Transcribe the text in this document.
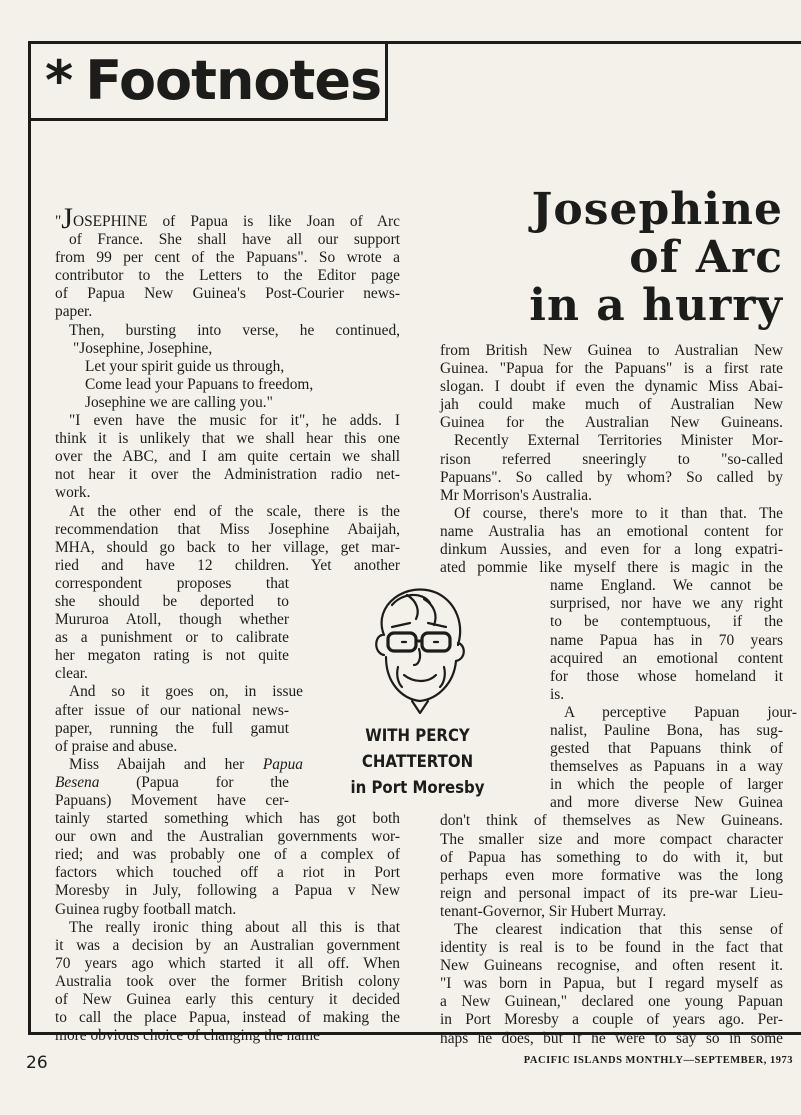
* Footnotes
Josephine
of Arc
in a hurry
"JOSEPHINE of Papua is like Joan of Arc
of France. She shall have all our support
from 99 per cent of the Papuans". So wrote a
contributor to the Letters to the Editor page
of Papua New Guinea's Post-Courier news-
paper.
Then, bursting into verse, he continued,
"Josephine, Josephine,
Let your spirit guide us through,
Come lead your Papuans to freedom,
Josephine we are calling you."
"I even have the music for it", he adds. I
think it is unlikely that we shall hear this one
over the ABC, and I am quite certain we shall
not hear it over the Administration radio net-
work.
At the other end of the scale, there is the
recommendation that Miss Josephine Abaijah,
MHA, should go back to her village, get mar-
ried and have 12 children. Yet another
correspondent proposes that
she should be deported to
Mururoa Atoll, though whether
as a punishment or to calibrate
her megaton rating is not quite
clear.
And so it goes on, in issue
after issue of our national news-
paper, running the full gamut
of praise and abuse.
Miss Abaijah and her Papua
Besena (Papua for the
Papuans) Movement have cer-
tainly started something which has got both
our own and the Australian governments wor-
ried; and was probably one of a complex of
factors which touched off a riot in Port
Moresby in July, following a Papua v New
Guinea rugby football match.
The really ironic thing about all this is that
it was a decision by an Australian government
70 years ago which started it all off. When
Australia took over the former British colony
of New Guinea early this century it decided
to call the place Papua, instead of making the
more obvious choice of changing the name
from British New Guinea to Australian New
Guinea. "Papua for the Papuans" is a first rate
slogan. I doubt if even the dynamic Miss Abai-
jah could make much of Australian New
Guinea for the Australian New Guineans.
Recently External Territories Minister Mor-
rison referred sneeringly to "so-called
Papuans". So called by whom? So called by
Mr Morrison's Australia.
Of course, there's more to it than that. The
name Australia has an emotional content for
dinkum Aussies, and even for a long expatri-
ated pommie like myself there is magic in the
name England. We cannot be
surprised, nor have we any right
to be contemptuous, if the
name Papua has in 70 years
acquired an emotional content
for those whose homeland it
is.
A perceptive Papuan jour-
nalist, Pauline Bona, has sug-
gested that Papuans think of
themselves as Papuans in a way
in which the people of larger
and more diverse New Guinea
don't think of themselves as New Guineans.
The smaller size and more compact character
of Papua has something to do with it, but
perhaps even more formative was the long
reign and personal impact of its pre-war Lieu-
tenant-Governor, Sir Hubert Murray.
The clearest indication that this sense of
identity is real is to be found in the fact that
New Guineans recognise, and often resent it.
"I was born in Papua, but I regard myself as
a New Guinean," declared one young Papuan
in Port Moresby a couple of years ago. Per-
haps he does, but if he were to say so in some
WITH PERCY CHATTERTON
in Port Moresby
26	PACIFIC ISLANDS MONTHLY—SEPTEMBER, 1973
